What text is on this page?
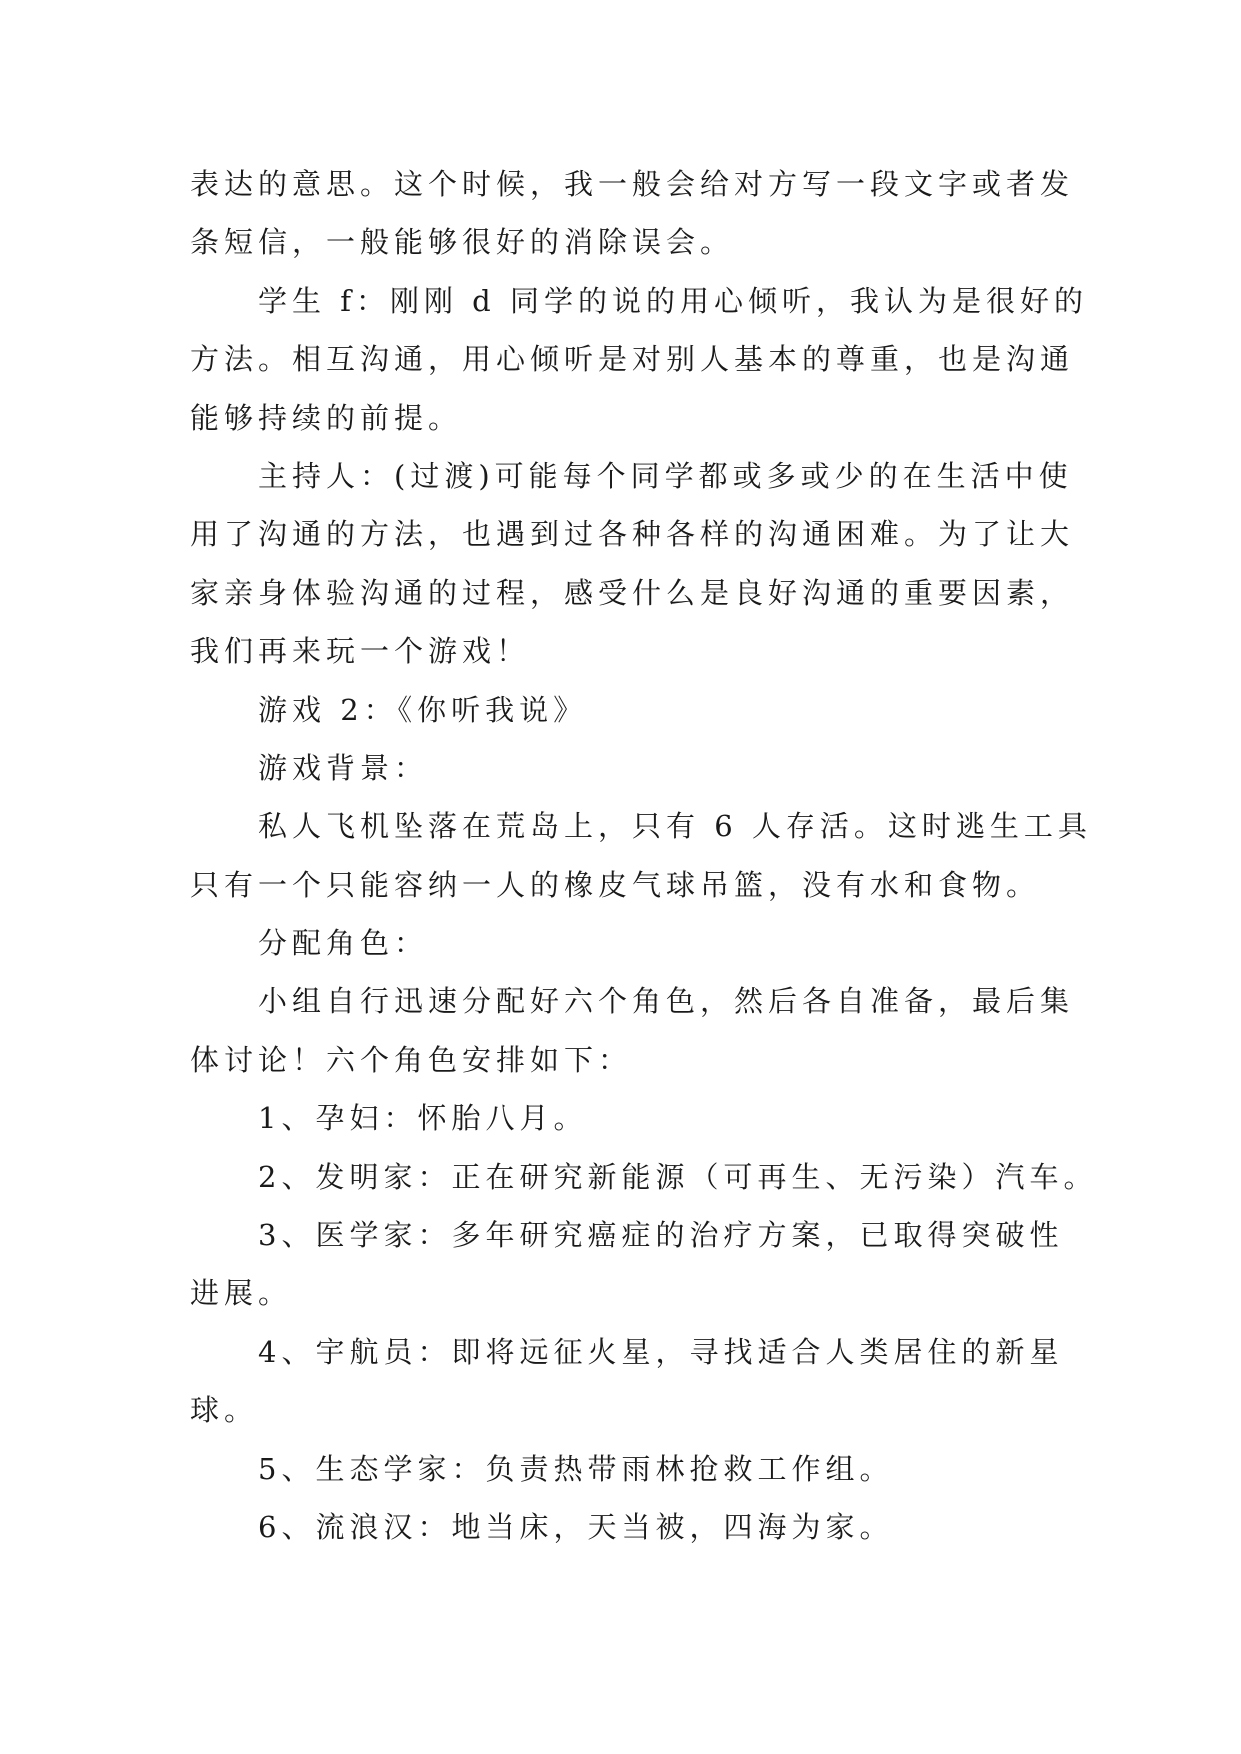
表达的意思。这个时候，我一般会给对方写一段文字或者发
条短信，一般能够很好的消除误会。
学生 f：刚刚 d 同学的说的用心倾听，我认为是很好的
方法。相互沟通，用心倾听是对别人基本的尊重，也是沟通
能够持续的前提。
主持人：(过渡)可能每个同学都或多或少的在生活中使
用了沟通的方法，也遇到过各种各样的沟通困难。为了让大
家亲身体验沟通的过程，感受什么是良好沟通的重要因素，
我们再来玩一个游戏！
游戏 2：《你听我说》
游戏背景：
私人飞机坠落在荒岛上，只有 6 人存活。这时逃生工具
只有一个只能容纳一人的橡皮气球吊篮，没有水和食物。
分配角色：
小组自行迅速分配好六个角色，然后各自准备，最后集
体讨论！六个角色安排如下：
1、孕妇：怀胎八月。
2、发明家：正在研究新能源（可再生、无污染）汽车。
3、医学家：多年研究癌症的治疗方案，已取得突破性
进展。
4、宇航员：即将远征火星，寻找适合人类居住的新星
球。
5、生态学家：负责热带雨林抢救工作组。
6、流浪汉：地当床，天当被，四海为家。
